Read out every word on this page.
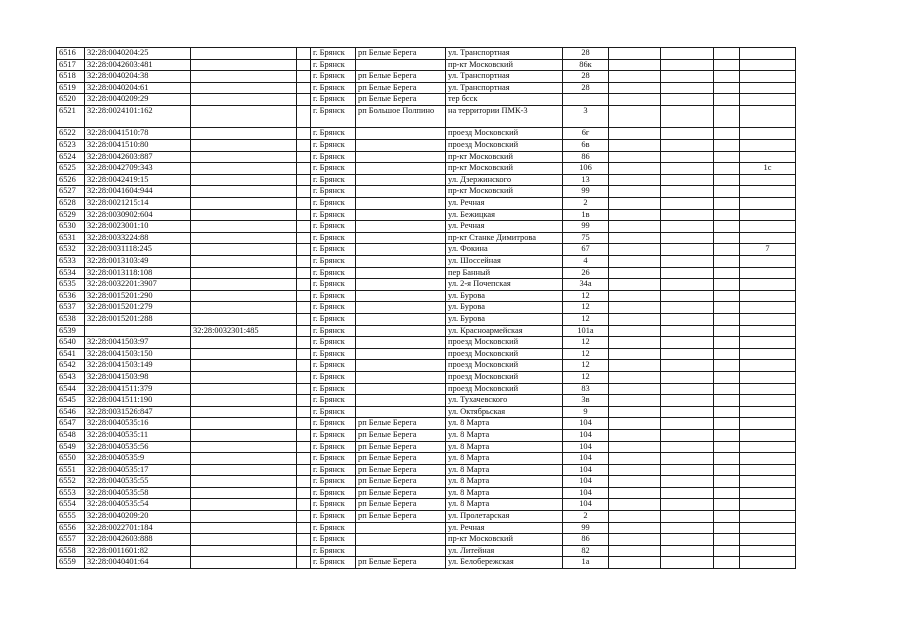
6516	32:28:0040204:25			г. Брянск	рп Белые Берега	ул. Транспортная	28				
6517	32:28:0042603:481			г. Брянск		пр-кт Московский	86к				
6518	32:28:0040204:38			г. Брянск	рп Белые Берега	ул. Транспортная	28				
6519	32:28:0040204:61			г. Брянск	рп Белые Берега	ул. Транспортная	28				
6520	32:28:0040209:29			г. Брянск	рп Белые Берега	тер бсск					
6521	32:28:0024101:162			г. Брянск	рп Большое Полпино	на территории ПМК-3	3				
6522	32:28:0041510:78			г. Брянск		проезд Московский	6г				
6523	32:28:0041510:80			г. Брянск		проезд Московский	6в				
6524	32:28:0042603:887			г. Брянск		пр-кт Московский	86				
6525	32:28:0042709:343			г. Брянск		пр-кт Московский	106				1с
6526	32:28:0042419:15			г. Брянск		ул. Дзержинского	13				
6527	32:28:0041604:944			г. Брянск		пр-кт Московский	99				
6528	32:28:0021215:14			г. Брянск		ул. Речная	2				
6529	32:28:0030902:604			г. Брянск		ул. Бежицкая	1в				
6530	32:28:0023001:10			г. Брянск		ул. Речная	99				
6531	32:28:0033224:88			г. Брянск		пр-кт Станке Димитрова	75				
6532	32:28:0031118:245			г. Брянск		ул. Фокина	67				7
6533	32:28:0013103:49			г. Брянск		ул. Шоссейная	4				
6534	32:28:0013118:108			г. Брянск		пер Банный	26				
6535	32:28:0032201:3907			г. Брянск		ул. 2-я Почепская	34а				
6536	32:28:0015201:290			г. Брянск		ул. Бурова	12				
6537	32:28:0015201:279			г. Брянск		ул. Бурова	12				
6538	32:28:0015201:288			г. Брянск		ул. Бурова	12				
6539		32:28:0032301:485		г. Брянск		ул. Красноармейская	101а				
6540	32:28:0041503:97			г. Брянск		проезд Московский	12				
6541	32:28:0041503:150			г. Брянск		проезд Московский	12				
6542	32:28:0041503:149			г. Брянск		проезд Московский	12				
6543	32:28:0041503:98			г. Брянск		проезд Московский	12				
6544	32:28:0041511:379			г. Брянск		проезд Московский	83				
6545	32:28:0041511:190			г. Брянск		ул. Тухачевского	3в				
6546	32:28:0031526:847			г. Брянск		ул. Октябрьская	9				
6547	32:28:0040535:16			г. Брянск	рп Белые Берега	ул. 8 Марта	104				
6548	32:28:0040535:11			г. Брянск	рп Белые Берега	ул. 8 Марта	104				
6549	32:28:0040535:56			г. Брянск	рп Белые Берега	ул. 8 Марта	104				
6550	32:28:0040535:9			г. Брянск	рп Белые Берега	ул. 8 Марта	104				
6551	32:28:0040535:17			г. Брянск	рп Белые Берега	ул. 8 Марта	104				
6552	32:28:0040535:55			г. Брянск	рп Белые Берега	ул. 8 Марта	104				
6553	32:28:0040535:58			г. Брянск	рп Белые Берега	ул. 8 Марта	104				
6554	32:28:0040535:54			г. Брянск	рп Белые Берега	ул. 8 Марта	104				
6555	32:28:0040209:20			г. Брянск	рп Белые Берега	ул. Пролетарская	2				
6556	32:28:0022701:184			г. Брянск		ул. Речная	99				
6557	32:28:0042603:888			г. Брянск		пр-кт Московский	86				
6558	32:28:0011601:82			г. Брянск		ул. Литейная	82				
6559	32:28:0040401:64			г. Брянск	рп Белые Берега	ул. Белобережская	1а				
